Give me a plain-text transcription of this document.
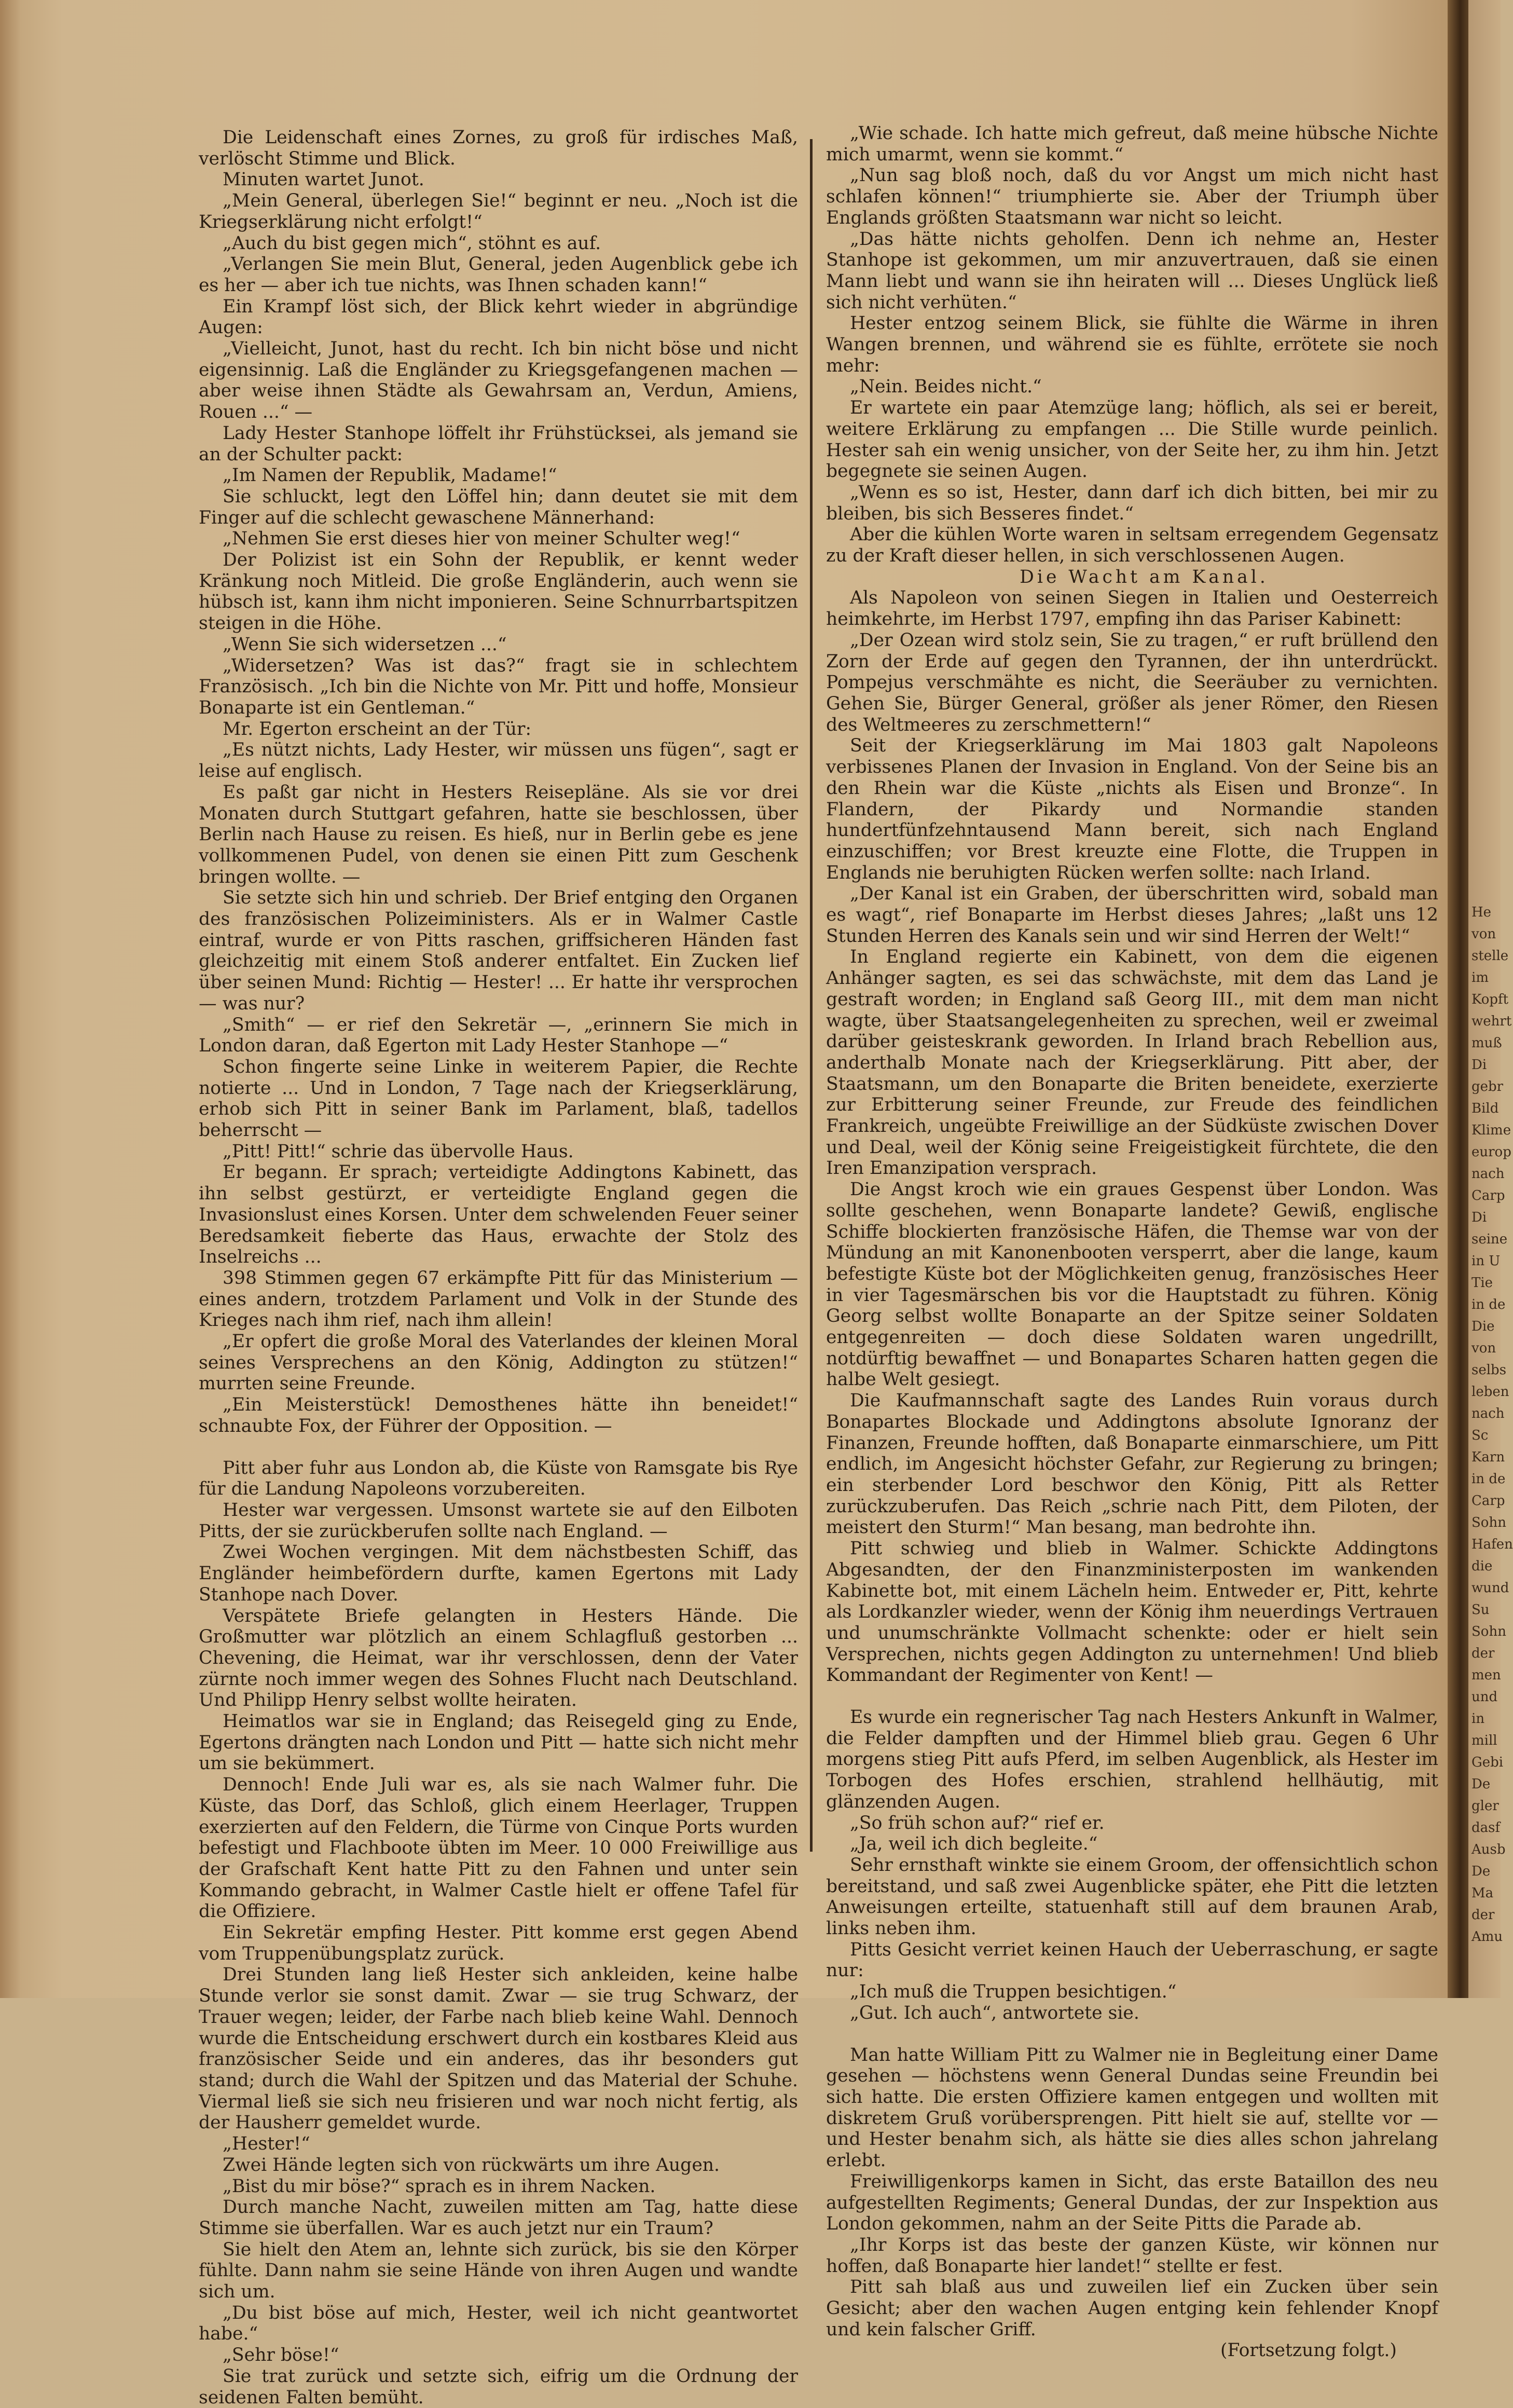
Die Leidenschaft eines Zornes, zu groß für irdisches Maß, verlöscht Stimme und Blick.

Minuten wartet Junot.

„Mein General, überlegen Sie!“ beginnt er neu. „Noch ist die Kriegserklärung nicht erfolgt!“

„Auch du bist gegen mich“, stöhnt es auf.

„Verlangen Sie mein Blut, General, jeden Augenblick gebe ich es her — aber ich tue nichts, was Ihnen schaden kann!“

Ein Krampf löst sich, der Blick kehrt wieder in abgründige Augen:

„Vielleicht, Junot, hast du recht. Ich bin nicht böse und nicht eigensinnig. Laß die Engländer zu Kriegsgefangenen machen — aber weise ihnen Städte als Gewahrsam an, Verdun, Amiens, Rouen ...“ —

Lady Hester Stanhope löffelt ihr Frühstücksei, als jemand sie an der Schulter packt:

„Im Namen der Republik, Madame!“

Sie schluckt, legt den Löffel hin; dann deutet sie mit dem Finger auf die schlecht gewaschene Männerhand:

„Nehmen Sie erst dieses hier von meiner Schulter weg!“

Der Polizist ist ein Sohn der Republik, er kennt weder Kränkung noch Mitleid. Die große Engländerin, auch wenn sie hübsch ist, kann ihm nicht imponieren. Seine Schnurrbartspitzen steigen in die Höhe.

„Wenn Sie sich widersetzen ...“

„Widersetzen? Was ist das?“ fragt sie in schlechtem Französisch. „Ich bin die Nichte von Mr. Pitt und hoffe, Monsieur Bonaparte ist ein Gentleman.“

Mr. Egerton erscheint an der Tür:

„Es nützt nichts, Lady Hester, wir müssen uns fügen“, sagt er leise auf englisch.

Es paßt gar nicht in Hesters Reisepläne. Als sie vor drei Monaten durch Stuttgart gefahren, hatte sie beschlossen, über Berlin nach Hause zu reisen. Es hieß, nur in Berlin gebe es jene vollkommenen Pudel, von denen sie einen Pitt zum Geschenk bringen wollte. —

Sie setzte sich hin und schrieb. Der Brief entging den Organen des französischen Polizeiministers. Als er in Walmer Castle eintraf, wurde er von Pitts raschen, griffsicheren Händen fast gleichzeitig mit einem Stoß anderer entfaltet. Ein Zucken lief über seinen Mund: Richtig — Hester! ... Er hatte ihr versprochen — was nur?

„Smith“ — er rief den Sekretär —, „erinnern Sie mich in London daran, daß Egerton mit Lady Hester Stanhope —“

Schon fingerte seine Linke in weiterem Papier, die Rechte notierte ... Und in London, 7 Tage nach der Kriegserklärung, erhob sich Pitt in seiner Bank im Parlament, blaß, tadellos beherrscht —

„Pitt! Pitt!“ schrie das übervolle Haus.

Er begann. Er sprach; verteidigte Addingtons Kabinett, das ihn selbst gestürzt, er verteidigte England gegen die Invasionslust eines Korsen. Unter dem schwelenden Feuer seiner Beredsamkeit fieberte das Haus, erwachte der Stolz des Inselreichs ...

398 Stimmen gegen 67 erkämpfte Pitt für das Ministerium — eines andern, trotzdem Parlament und Volk in der Stunde des Krieges nach ihm rief, nach ihm allein!

„Er opfert die große Moral des Vaterlandes der kleinen Moral seines Versprechens an den König, Addington zu stützen!“ murrten seine Freunde.

„Ein Meisterstück! Demosthenes hätte ihn beneidet!“ schnaubte Fox, der Führer der Opposition. —

Pitt aber fuhr aus London ab, die Küste von Ramsgate bis Rye für die Landung Napoleons vorzubereiten.

Hester war vergessen. Umsonst wartete sie auf den Eilboten Pitts, der sie zurückberufen sollte nach England. —

Zwei Wochen vergingen. Mit dem nächstbesten Schiff, das Engländer heimbefördern durfte, kamen Egertons mit Lady Stanhope nach Dover.

Verspätete Briefe gelangten in Hesters Hände. Die Großmutter war plötzlich an einem Schlagfluß gestorben ... Chevening, die Heimat, war ihr verschlossen, denn der Vater zürnte noch immer wegen des Sohnes Flucht nach Deutschland. Und Philipp Henry selbst wollte heiraten.

Heimatlos war sie in England; das Reisegeld ging zu Ende, Egertons drängten nach London und Pitt — hatte sich nicht mehr um sie bekümmert.

Dennoch! Ende Juli war es, als sie nach Walmer fuhr. Die Küste, das Dorf, das Schloß, glich einem Heerlager, Truppen exerzierten auf den Feldern, die Türme von Cinque Ports wurden befestigt und Flachboote übten im Meer. 10 000 Freiwillige aus der Grafschaft Kent hatte Pitt zu den Fahnen und unter sein Kommando gebracht, in Walmer Castle hielt er offene Tafel für die Offiziere.

Ein Sekretär empfing Hester. Pitt komme erst gegen Abend vom Truppenübungsplatz zurück.

Drei Stunden lang ließ Hester sich ankleiden, keine halbe Stunde verlor sie sonst damit. Zwar — sie trug Schwarz, der Trauer wegen; leider, der Farbe nach blieb keine Wahl. Dennoch wurde die Entscheidung erschwert durch ein kostbares Kleid aus französischer Seide und ein anderes, das ihr besonders gut stand; durch die Wahl der Spitzen und das Material der Schuhe. Viermal ließ sie sich neu frisieren und war noch nicht fertig, als der Hausherr gemeldet wurde.

„Hester!“

Zwei Hände legten sich von rückwärts um ihre Augen.

„Bist du mir böse?“ sprach es in ihrem Nacken.

Durch manche Nacht, zuweilen mitten am Tag, hatte diese Stimme sie überfallen. War es auch jetzt nur ein Traum?

Sie hielt den Atem an, lehnte sich zurück, bis sie den Körper fühlte. Dann nahm sie seine Hände von ihren Augen und wandte sich um.

„Du bist böse auf mich, Hester, weil ich nicht geantwortet habe.“

„Sehr böse!“

Sie trat zurück und setzte sich, eifrig um die Ordnung der seidenen Falten bemüht.

„Wie schade. Ich hatte mich gefreut, daß meine hübsche Nichte mich umarmt, wenn sie kommt.“

„Nun sag bloß noch, daß du vor Angst um mich nicht hast schlafen können!“ triumphierte sie. Aber der Triumph über Englands größten Staatsmann war nicht so leicht.

„Das hätte nichts geholfen. Denn ich nehme an, Hester Stanhope ist gekommen, um mir anzuvertrauen, daß sie einen Mann liebt und wann sie ihn heiraten will ... Dieses Unglück ließ sich nicht verhüten.“

Hester entzog seinem Blick, sie fühlte die Wärme in ihren Wangen brennen, und während sie es fühlte, errötete sie noch mehr:

„Nein. Beides nicht.“

Er wartete ein paar Atemzüge lang; höflich, als sei er bereit, weitere Erklärung zu empfangen ... Die Stille wurde peinlich. Hester sah ein wenig unsicher, von der Seite her, zu ihm hin. Jetzt begegnete sie seinen Augen.

„Wenn es so ist, Hester, dann darf ich dich bitten, bei mir zu bleiben, bis sich Besseres findet.“

Aber die kühlen Worte waren in seltsam erregendem Gegensatz zu der Kraft dieser hellen, in sich verschlossenen Augen.

Die Wacht am Kanal.

Als Napoleon von seinen Siegen in Italien und Oesterreich heimkehrte, im Herbst 1797, empfing ihn das Pariser Kabinett:

„Der Ozean wird stolz sein, Sie zu tragen,“ er ruft brüllend den Zorn der Erde auf gegen den Tyrannen, der ihn unterdrückt. Pompejus verschmähte es nicht, die Seeräuber zu vernichten. Gehen Sie, Bürger General, größer als jener Römer, den Riesen des Weltmeeres zu zerschmettern!“

Seit der Kriegserklärung im Mai 1803 galt Napoleons verbissenes Planen der Invasion in England. Von der Seine bis an den Rhein war die Küste „nichts als Eisen und Bronze“. In Flandern, der Pikardy und Normandie standen hundertfünfzehntausend Mann bereit, sich nach England einzuschiffen; vor Brest kreuzte eine Flotte, die Truppen in Englands nie beruhigten Rücken werfen sollte: nach Irland.

„Der Kanal ist ein Graben, der überschritten wird, sobald man es wagt“, rief Bonaparte im Herbst dieses Jahres; „laßt uns 12 Stunden Herren des Kanals sein und wir sind Herren der Welt!“

In England regierte ein Kabinett, von dem die eigenen Anhänger sagten, es sei das schwächste, mit dem das Land je gestraft worden; in England saß Georg III., mit dem man nicht wagte, über Staatsangelegenheiten zu sprechen, weil er zweimal darüber geisteskrank geworden. In Irland brach Rebellion aus, anderthalb Monate nach der Kriegserklärung. Pitt aber, der Staatsmann, um den Bonaparte die Briten beneidete, exerzierte zur Erbitterung seiner Freunde, zur Freude des feindlichen Frankreich, ungeübte Freiwillige an der Südküste zwischen Dover und Deal, weil der König seine Freigeistigkeit fürchtete, die den Iren Emanzipation versprach.

Die Angst kroch wie ein graues Gespenst über London. Was sollte geschehen, wenn Bonaparte landete? Gewiß, englische Schiffe blockierten französische Häfen, die Themse war von der Mündung an mit Kanonenbooten versperrt, aber die lange, kaum befestigte Küste bot der Möglichkeiten genug, französisches Heer in vier Tagesmärschen bis vor die Hauptstadt zu führen. König Georg selbst wollte Bonaparte an der Spitze seiner Soldaten entgegenreiten — doch diese Soldaten waren ungedrillt, notdürftig bewaffnet — und Bonapartes Scharen hatten gegen die halbe Welt gesiegt.

Die Kaufmannschaft sagte des Landes Ruin voraus durch Bonapartes Blockade und Addingtons absolute Ignoranz der Finanzen, Freunde hofften, daß Bonaparte einmarschiere, um Pitt endlich, im Angesicht höchster Gefahr, zur Regierung zu bringen; ein sterbender Lord beschwor den König, Pitt als Retter zurückzuberufen. Das Reich „schrie nach Pitt, dem Piloten, der meistert den Sturm!“ Man besang, man bedrohte ihn.

Pitt schwieg und blieb in Walmer. Schickte Addingtons Abgesandten, der den Finanzministerposten im wankenden Kabinette bot, mit einem Lächeln heim. Entweder er, Pitt, kehrte als Lordkanzler wieder, wenn der König ihm neuerdings Vertrauen und unumschränkte Vollmacht schenkte: oder er hielt sein Versprechen, nichts gegen Addington zu unternehmen! Und blieb Kommandant der Regimenter von Kent! —

Es wurde ein regnerischer Tag nach Hesters Ankunft in Walmer, die Felder dampften und der Himmel blieb grau. Gegen 6 Uhr morgens stieg Pitt aufs Pferd, im selben Augenblick, als Hester im Torbogen des Hofes erschien, strahlend hellhäutig, mit glänzenden Augen.

„So früh schon auf?“ rief er.

„Ja, weil ich dich begleite.“

Sehr ernsthaft winkte sie einem Groom, der offensichtlich schon bereitstand, und saß zwei Augenblicke später, ehe Pitt die letzten Anweisungen erteilte, statuenhaft still auf dem braunen Arab, links neben ihm.

Pitts Gesicht verriet keinen Hauch der Ueberraschung, er sagte nur:

„Ich muß die Truppen besichtigen.“

„Gut. Ich auch“, antwortete sie.

Man hatte William Pitt zu Walmer nie in Begleitung einer Dame gesehen — höchstens wenn General Dundas seine Freundin bei sich hatte. Die ersten Offiziere kamen entgegen und wollten mit diskretem Gruß vorübersprengen. Pitt hielt sie auf, stellte vor — und Hester benahm sich, als hätte sie dies alles schon jahrelang erlebt.

Freiwilligenkorps kamen in Sicht, das erste Bataillon des neu aufgestellten Regiments; General Dundas, der zur Inspektion aus London gekommen, nahm an der Seite Pitts die Parade ab.

„Ihr Korps ist das beste der ganzen Küste, wir können nur hoffen, daß Bonaparte hier landet!“ stellte er fest.

Pitt sah blaß aus und zuweilen lief ein Zucken über sein Gesicht; aber den wachen Augen entging kein fehlender Knopf und kein falscher Griff.

(Fortsetzung folgt.)

He
von
stelle
im
Kopft
wehrt
muß
Di
gebr
Bild
Klime
europ
nach
Carp
Di
seine
in U
Tie
in de
Die
von
selbs
leben
nach
Sc
Karn
in de
Carp
Sohn
Hafen
die
wund
Su
Sohn
der
men
und
in
mill
Gebi
De
gler
dasf
Ausb
De
Ma
der
Amu
